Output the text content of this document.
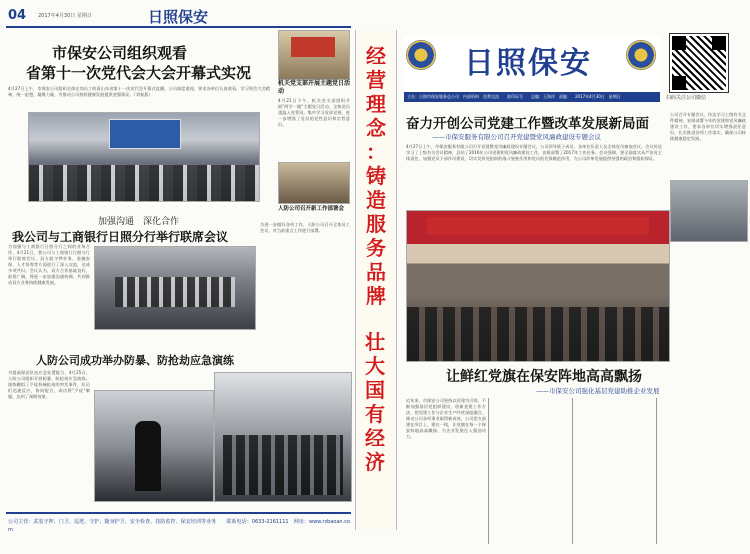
04 2017年4月30日 星期日	日照保安
市保安公司组织观看
省第十一次党代会大会开幕式实况
4月27日上午，市保安公司组织全体在岗员工收看山东省第十一次党代会开幕式直播。公司高度重视，要求各单位认真收看，学习领会大会精神，统一思想，凝聚力量，为推动公司持续健康发展提供坚强保证。（刘春燕）
机关党支部开展主题党日活动
4月21日下午，机关党支部组织开展"两学一做"主题党日活动，全体党员重温入党誓词，集中学习党章党规，进一步增强了党员的党性意识和宗旨意识。
人防公司召开新工作部署会
加强沟通　深化合作
我公司与工商银行日照分行举行联席会议
为加强与工商银行日照分行之间的业务合作，4月21日，我公司与工商银行日照分行举行联席会议，双方就守押业务、金融安保、人才培养等方面进行了深入交流，达成多项共识。会议认为，双方合作基础良好，前景广阔，将进一步加强沟通协调，共同推动双方业务持续健康发展。
为进一步做好各项工作，人防公司召开全体员工会议，对当前重点工作进行部署。
人防公司成功举办防暴、防抢劫应急演练
为提高保安队伍应急处置能力，4月25日，人防公司组织开展防暴、防抢劫应急演练。演练模拟了歹徒持械抢劫的突发事件，队员们迅速反应，协同配合，成功将"歹徒"制服，达到了预期效果。
公司主营：武装守押、门卫、巡逻、守护、随身护卫、安全检查、技防监控、保安培训等业务　　联系电话：0633-2161111　网址：www.rzbaoan.com
经
营
理
念
：
铸
造
服
务
品
牌
壮
大
国
有
经
济
日照保安
主办：日照市保安服务总公司　内部资料　免费交流　　准印证号　　总编：王海洋　责编　　2017年4月30日　星期日	扫码关注公司微信
奋力开创公司党建工作暨改革发展新局面
——市保安服务有限公司召开党建暨党风廉政建设专题会议
4月27日上午，市保安服务有限公司召开党建暨党风廉政建设专题会议，公司领导班子成员、各单位负责人及全体党员参加会议。会议传达学习了上级有关会议精神，总结了2016年公司党建和党风廉政建设工作，安排部署了2017年工作任务。会议强调，要全面落实从严治党主体责任，加强党员干部作风建设，切实发挥党组织的战斗堡垒作用和党员的先锋模范作用，为公司改革发展提供坚强的政治和组织保证。
公司召开专题会议，传达学习上级有关文件精神，安排部署今年的党建和党风廉政建设工作，要求各单位切实增强责任意识，扎实推进各项工作落实，确保公司持续健康稳定发展。
让鲜红党旗在保安阵地高高飘扬
——市保安公司强化基层党建助推企业发展
近年来，市保安公司坚持以党建为引领，不断加强基层党组织建设，创新党建工作方法，把党建工作与企业生产经营深度融合，推动公司各项事业取得新成效。公司把支部建在项目上、建在一线，让党旗在每一个保安阵地高高飘扬，为企业发展注入强劲动力。
